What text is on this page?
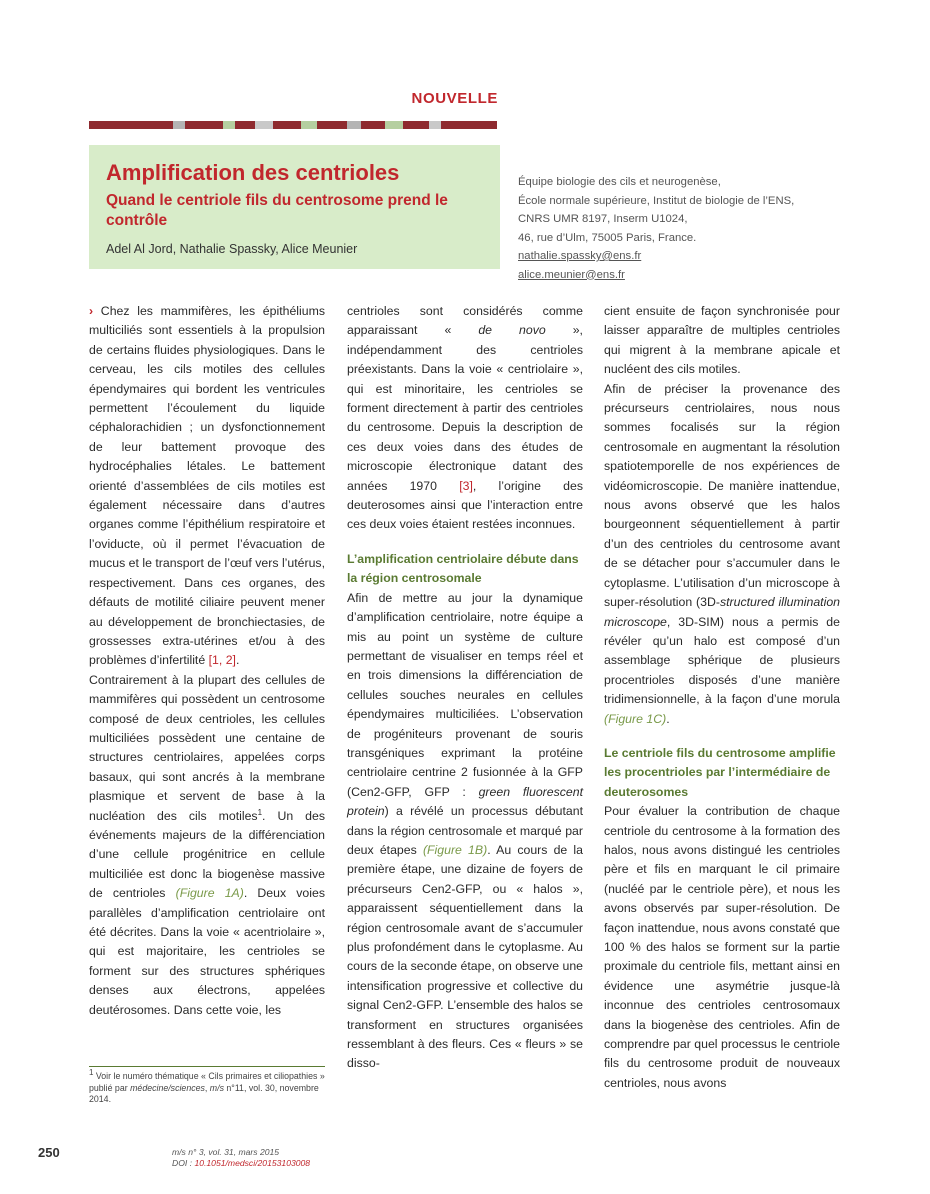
NOUVELLE
Amplification des centrioles
Quand le centriole fils du centrosome prend le contrôle

Adel Al Jord, Nathalie Spassky, Alice Meunier

Équipe biologie des cils et neurogenèse,
École normale supérieure, Institut de biologie de l’ENS,
CNRS UMR 8197, Inserm U1024,
46, rue d’Ulm, 75005 Paris, France.
nathalie.spassky@ens.fr
alice.meunier@ens.fr

› Chez les mammifères, les épithéliums multiciliés sont essentiels à la propulsion de certains fluides physiologiques. Dans le cerveau, les cils motiles des cellules épendymaires qui bordent les ventricules permettent l’écoulement du liquide céphalorachidien ; un dysfonctionnement de leur battement provoque des hydrocéphalies létales. Le battement orienté d’assemblées de cils motiles est également nécessaire dans d’autres organes comme l’épithélium respiratoire et l’oviducte, où il permet l’évacuation de mucus et le transport de l’œuf vers l’utérus, respectivement. Dans ces organes, des défauts de motilité ciliaire peuvent mener au développement de bronchiectasies, de grossesses extra-utérines et/ou à des problèmes d’infertilité [1, 2].

Contrairement à la plupart des cellules de mammifères qui possèdent un centrosome composé de deux centrioles, les cellules multiciliées possèdent une centaine de structures centriolaires, appelées corps basaux, qui sont ancrés à la membrane plasmique et servent de base à la nucléation des cils motiles$^1$. Un des événements majeurs de la différenciation d’une cellule progénitrice en cellule multiciliée est donc la biogenèse massive de centrioles (Figure 1A). Deux voies parallèles d’amplification centriolaire ont été décrites. Dans la voie « acentriolaire », qui est majoritaire, les centrioles se forment sur des structures sphériques denses aux électrons, appelées deutérosomes. Dans cette voie, les

centrioles sont considérés comme apparaissant « de novo », indépendamment des centrioles préexistants. Dans la voie « centriolaire », qui est minoritaire, les centrioles se forment directement à partir des centrioles du centrosome. Depuis la description de ces deux voies dans des études de microscopie électronique datant des années 1970 [3], l’origine des deuterosomes ainsi que l’interaction entre ces deux voies étaient restées inconnues.

L’amplification centriolaire débute dans la région centrosomale

Afin de mettre au jour la dynamique d’amplification centriolaire, notre équipe a mis au point un système de culture permettant de visualiser en temps réel et en trois dimensions la différenciation de cellules souches neurales en cellules épendymaires multiciliées. L’observation de progéniteurs provenant de souris transgéniques exprimant la protéine centriolaire centrine 2 fusionnée à la GFP (Cen2-GFP, GFP : green fluorescent protein) a révélé un processus débutant dans la région centrosomale et marqué par deux étapes (Figure 1B). Au cours de la première étape, une dizaine de foyers de précurseurs Cen2-GFP, ou « halos », apparaissent séquentiellement dans la région centrosomale avant de s’accumuler plus profondément dans le cytoplasme. Au cours de la seconde étape, on observe une intensification progressive et collective du signal Cen2-GFP. L’ensemble des halos se transforment en structures organisées ressemblant à des fleurs. Ces « fleurs » se disso-

cient ensuite de façon synchronisée pour laisser apparaître de multiples centrioles qui migrent à la membrane apicale et nucléent des cils motiles.

Afin de préciser la provenance des précurseurs centriolaires, nous nous sommes focalisés sur la région centrosomale en augmentant la résolution spatiotemporelle de nos expériences de vidéomicroscopie. De manière inattendue, nous avons observé que les halos bourgeonnent séquentiellement à partir d’un des centrioles du centrosome avant de se détacher pour s’accumuler dans le cytoplasme. L’utilisation d’un microscope à super-résolution (3D-structured illumination microscope, 3D-SIM) nous a permis de révéler qu’un halo est composé d’un assemblage sphérique de plusieurs procentrioles disposés d’une manière tridimensionnelle, à la façon d’une morula (Figure 1C).

Le centriole fils du centrosome amplifie les procentrioles par l’intermédiaire de deuterosomes

Pour évaluer la contribution de chaque centriole du centrosome à la formation des halos, nous avons distingué les centrioles père et fils en marquant le cil primaire (nucléé par le centriole père), et nous les avons observés par super-résolution. De façon inattendue, nous avons constaté que 100 % des halos se forment sur la partie proximale du centriole fils, mettant ainsi en évidence une asymétrie jusque-là inconnue des centrioles centrosomaux dans la biogenèse des centrioles. Afin de comprendre par quel processus le centriole fils du centrosome produit de nouveaux centrioles, nous avons

1 Voir le numéro thématique « Cils primaires et ciliopathies » publié par médecine/sciences, m/s n°11, vol. 30, novembre 2014.
250	m/s n° 3, vol. 31, mars 2015
DOI : 10.1051/medsci/20153103008
